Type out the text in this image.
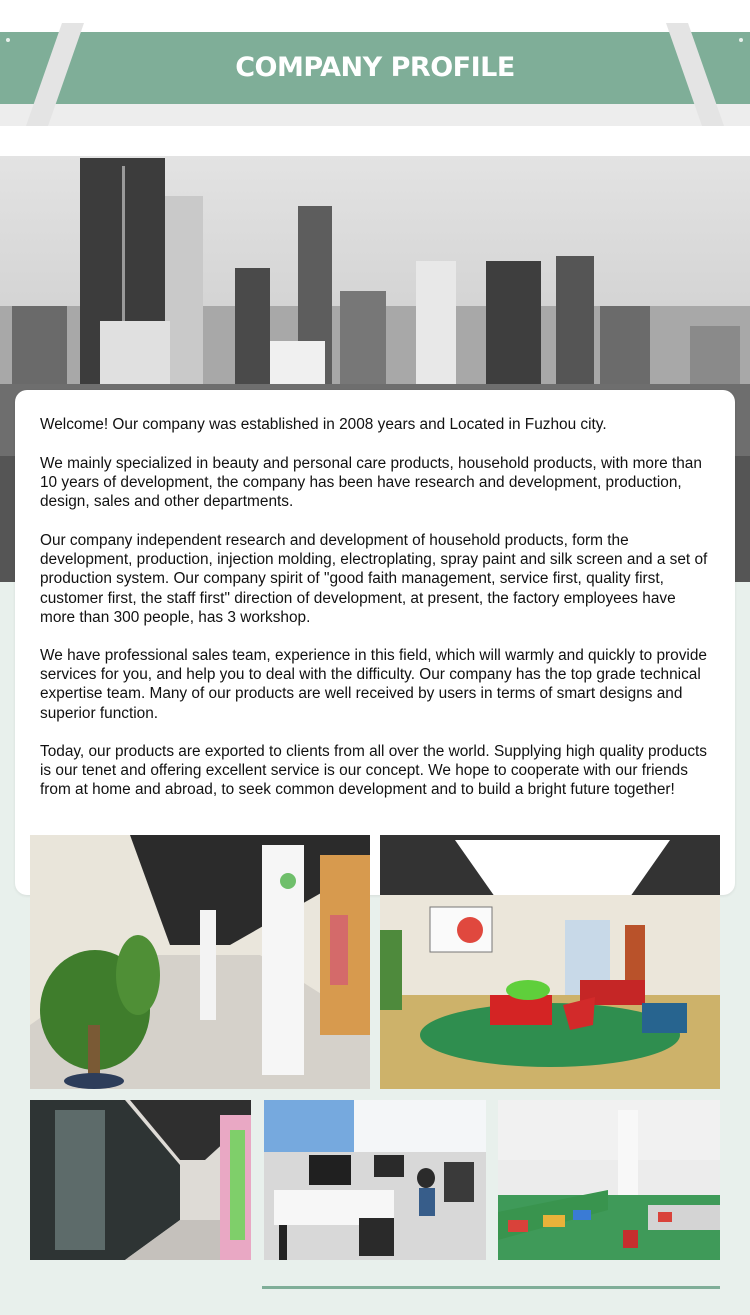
COMPANY PROFILE

Welcome! Our company was established in 2008 years and Located in Fuzhou city.

We mainly specialized in beauty and personal care products, household products, with more than 10 years of development, the company has been have research and development, production, design, sales and other departments.

Our company independent research and development of household products, form the development, production, injection molding, electroplating, spray paint and silk screen and a set of production system. Our company spirit of "good faith management, service first, quality first, customer first, the staff first" direction of development, at present, the factory employees have more than 300 people, has 3 workshop.

We have professional sales team, experience in this field, which will warmly and quickly to provide services for you, and help you to deal with the difficulty. Our company has the top grade technical expertise team. Many of our products are well received by users in terms of smart designs and superior function.

Today, our products are exported to clients from all over the world. Supplying high quality products is our tenet and offering excellent service is our concept. We hope to cooperate with our friends from at home and abroad, to seek common development and to build a bright future together!
